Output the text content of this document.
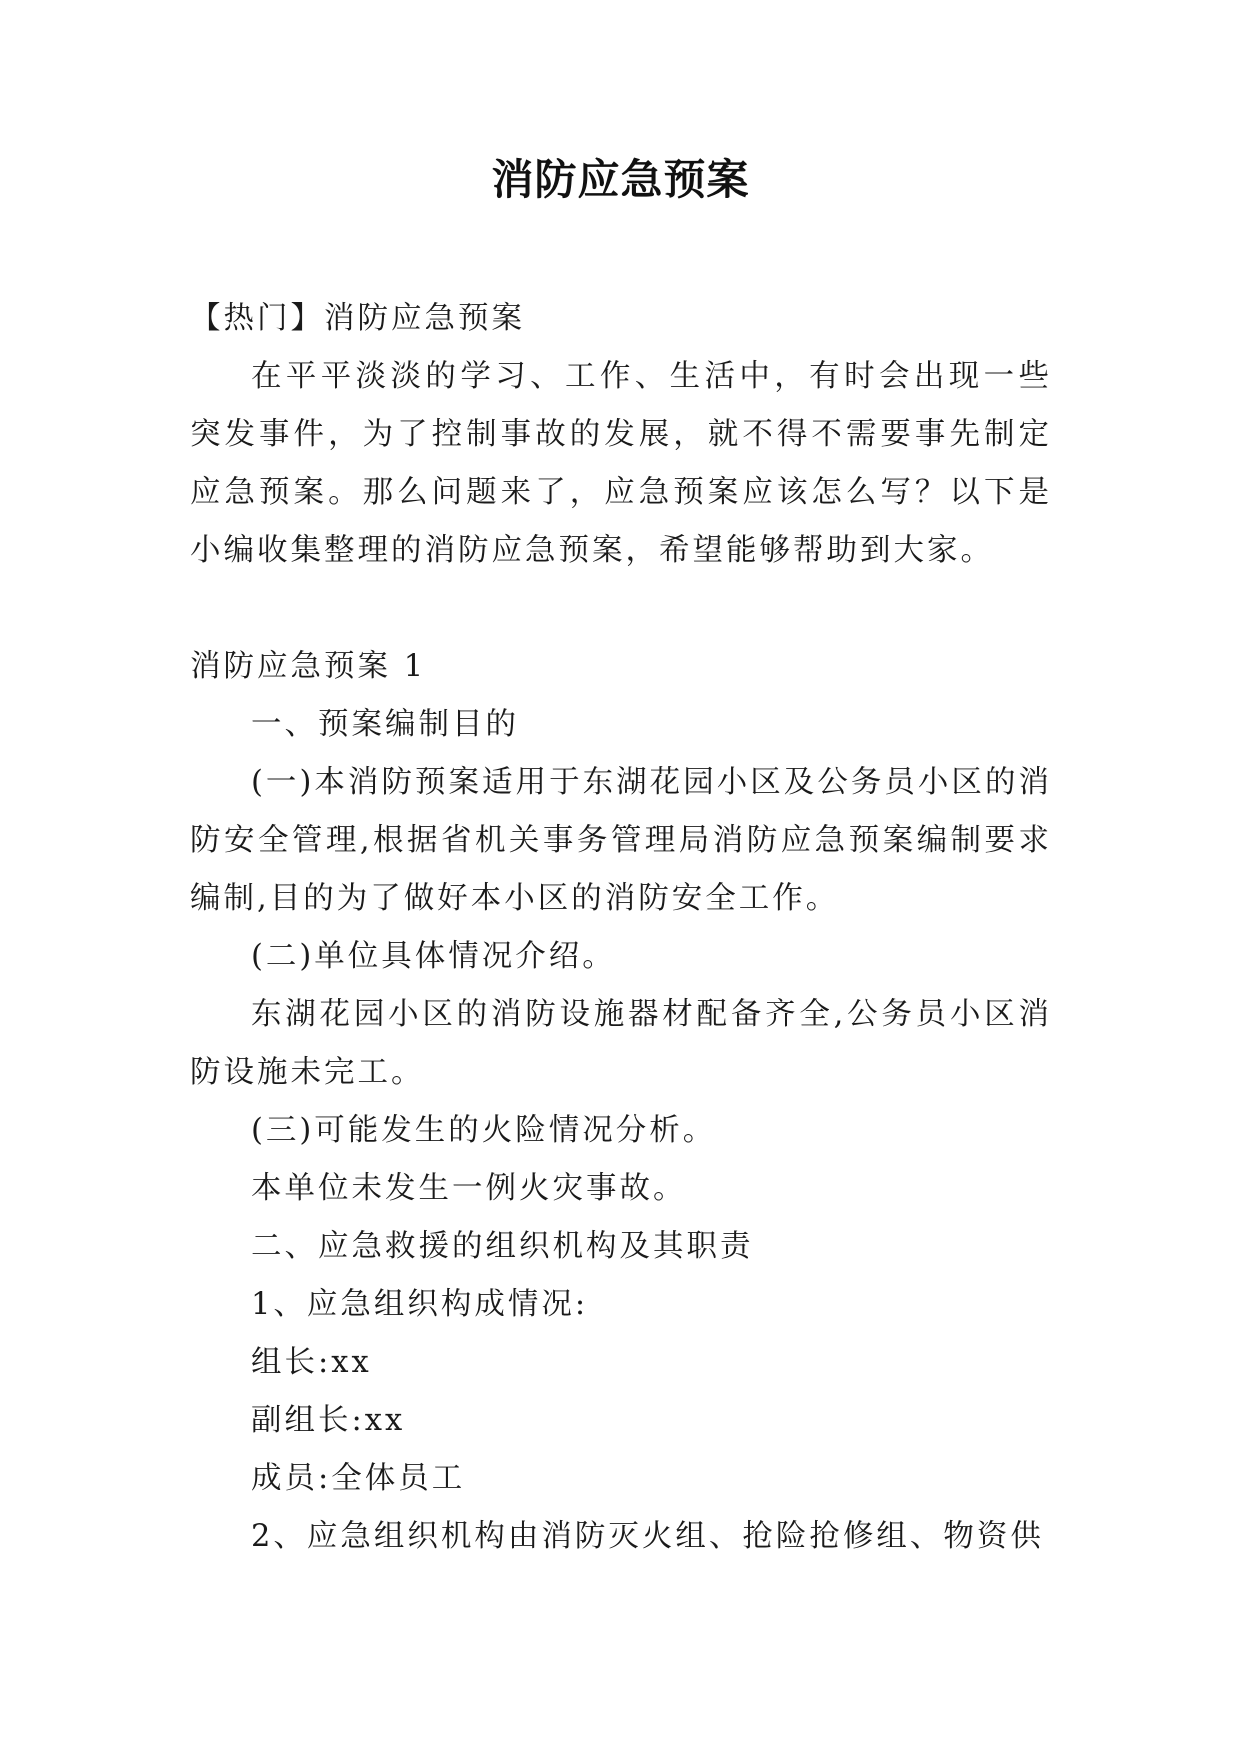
消防应急预案

【热门】消防应急预案

在平平淡淡的学习、工作、生活中，有时会出现一些突发事件，为了控制事故的发展，就不得不需要事先制定应急预案。那么问题来了，应急预案应该怎么写？以下是小编收集整理的消防应急预案，希望能够帮助到大家。

消防应急预案 1

一、预案编制目的

(一)本消防预案适用于东湖花园小区及公务员小区的消防安全管理,根据省机关事务管理局消防应急预案编制要求编制,目的为了做好本小区的消防安全工作。

(二)单位具体情况介绍。

东湖花园小区的消防设施器材配备齐全,公务员小区消防设施未完工。

(三)可能发生的火险情况分析。

本单位未发生一例火灾事故。

二、应急救援的组织机构及其职责

1、应急组织构成情况:

组长:xx

副组长:xx

成员:全体员工

2、应急组织机构由消防灭火组、抢险抢修组、物资供
